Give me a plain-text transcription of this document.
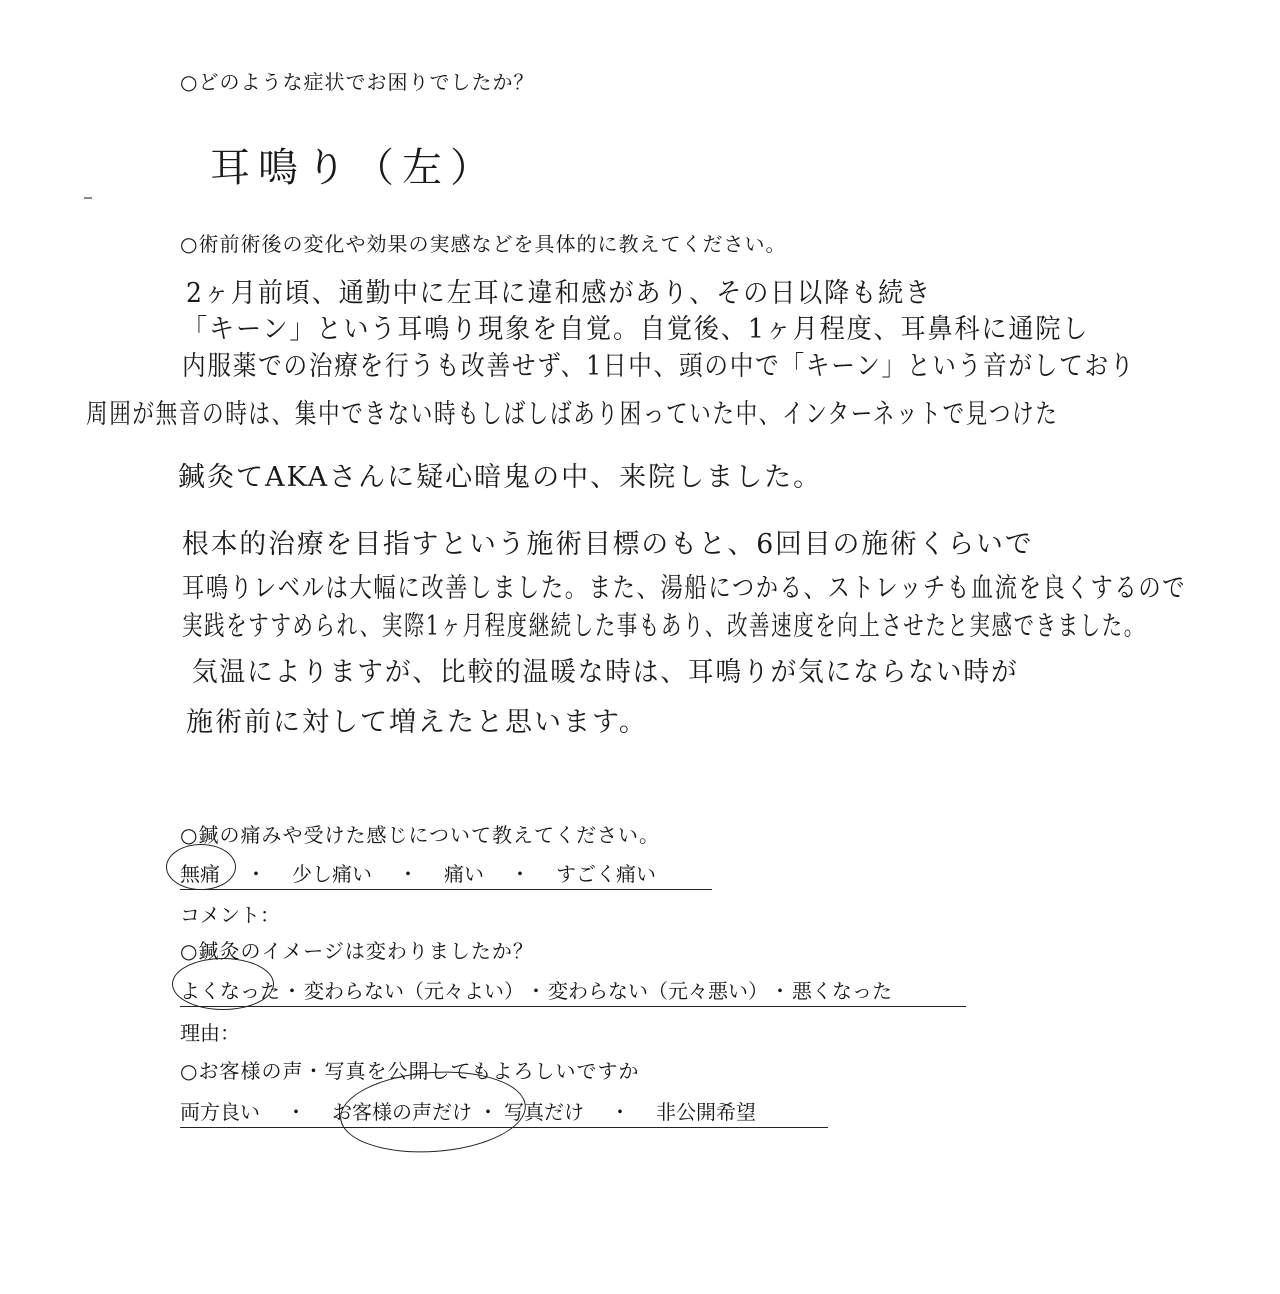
○どのような症状でお困りでしたか？
耳鳴り（左）
○術前術後の変化や効果の実感などを具体的に教えてください。
2ヶ月前頃、通勤中に左耳に違和感があり、その日以降も続き
「キーン」という耳鳴り現象を自覚。自覚後、1ヶ月程度、耳鼻科に通院し
内服薬での治療を行うも改善せず、1日中、頭の中で「キーン」という音がしており
周囲が無音の時は、集中できない時もしばしばあり困っていた中、インターネットで見つけた
鍼灸てAKAさんに疑心暗鬼の中、来院しました。
根本的治療を目指すという施術目標のもと、6回目の施術くらいで
耳鳴りレベルは大幅に改善しました。また、湯船につかる、ストレッチも血流を良くするので
実践をすすめられ、実際1ヶ月程度継続した事もあり、改善速度を向上させたと実感できました。
気温によりますが、比較的温暖な時は、耳鳴りが気にならない時が
施術前に対して増えたと思います。
○鍼の痛みや受けた感じについて教えてください。
無痛 ・ 少し痛い ・ 痛い ・ すごく痛い
コメント：
○鍼灸のイメージは変わりましたか？
よくなった ・ 変わらない（元々よい） ・ 変わらない（元々悪い） ・ 悪くなった
理由：
○お客様の声・写真を公開してもよろしいですか
両方良い ・ お客様の声だけ ・ 写真だけ ・ 非公開希望
